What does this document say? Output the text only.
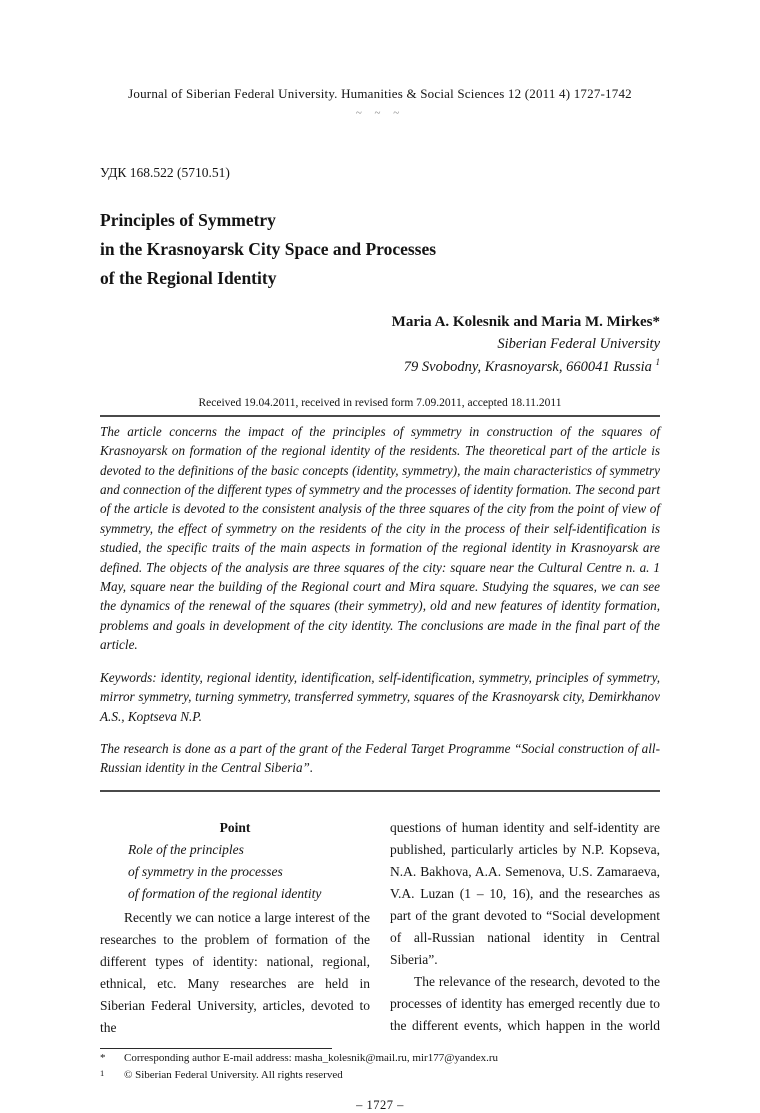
Journal of Siberian Federal University. Humanities & Social Sciences 12 (2011 4) 1727-1742
~ ~ ~
УДК 168.522 (5710.51)
Principles of Symmetry
in the Krasnoyarsk City Space and Processes
of the Regional Identity
Maria A. Kolesnik and Maria M. Mirkes*
Siberian Federal University
79 Svobodny, Krasnoyarsk, 660041 Russia $^1$
Received 19.04.2011, received in revised form 7.09.2011, accepted 18.11.2011
The article concerns the impact of the principles of symmetry in construction of the squares of Krasnoyarsk on formation of the regional identity of the residents. The theoretical part of the article is devoted to the definitions of the basic concepts (identity, symmetry), the main characteristics of symmetry and connection of the different types of symmetry and the processes of identity formation. The second part of the article is devoted to the consistent analysis of the three squares of the city from the point of view of symmetry, the effect of symmetry on the residents of the city in the process of their self-identification is studied, the specific traits of the main aspects in formation of the regional identity in Krasnoyarsk are defined. The objects of the analysis are three squares of the city: square near the Cultural Centre n. a. 1 May, square near the building of the Regional court and Mira square. Studying the squares, we can see the dynamics of the renewal of the squares (their symmetry), old and new features of identity formation, problems and goals in development of the city identity. The conclusions are made in the final part of the article.
Keywords: identity, regional identity, identification, self-identification, symmetry, principles of symmetry, mirror symmetry, turning symmetry, transferred symmetry, squares of the Krasnoyarsk city, Demirkhanov A.S., Koptseva N.P.
The research is done as a part of the grant of the Federal Target Programme “Social construction of all-Russian identity in the Central Siberia”.
Point
Role of the principles
of symmetry in the processes
of formation of the regional identity
Recently we can notice a large interest of the researches to the problem of formation of the different types of identity: national, regional, ethnical, etc. Many researches are held in Siberian Federal University, articles, devoted to the
questions of human identity and self-identity are published, particularly articles by N.P. Kopseva, N.A. Bakhova, A.A. Semenova, U.S. Zamaraeva, V.A. Luzan (1 – 10, 16), and the researches as part of the grant devoted to “Social development of all-Russian national identity in Central Siberia”.
The relevance of the research, devoted to the processes of identity has emerged recently due to the different events, which happen in the world
*	Corresponding author E-mail address: masha_kolesnik@mail.ru, mir177@yandex.ru
1	© Siberian Federal University. All rights reserved
– 1727 –
